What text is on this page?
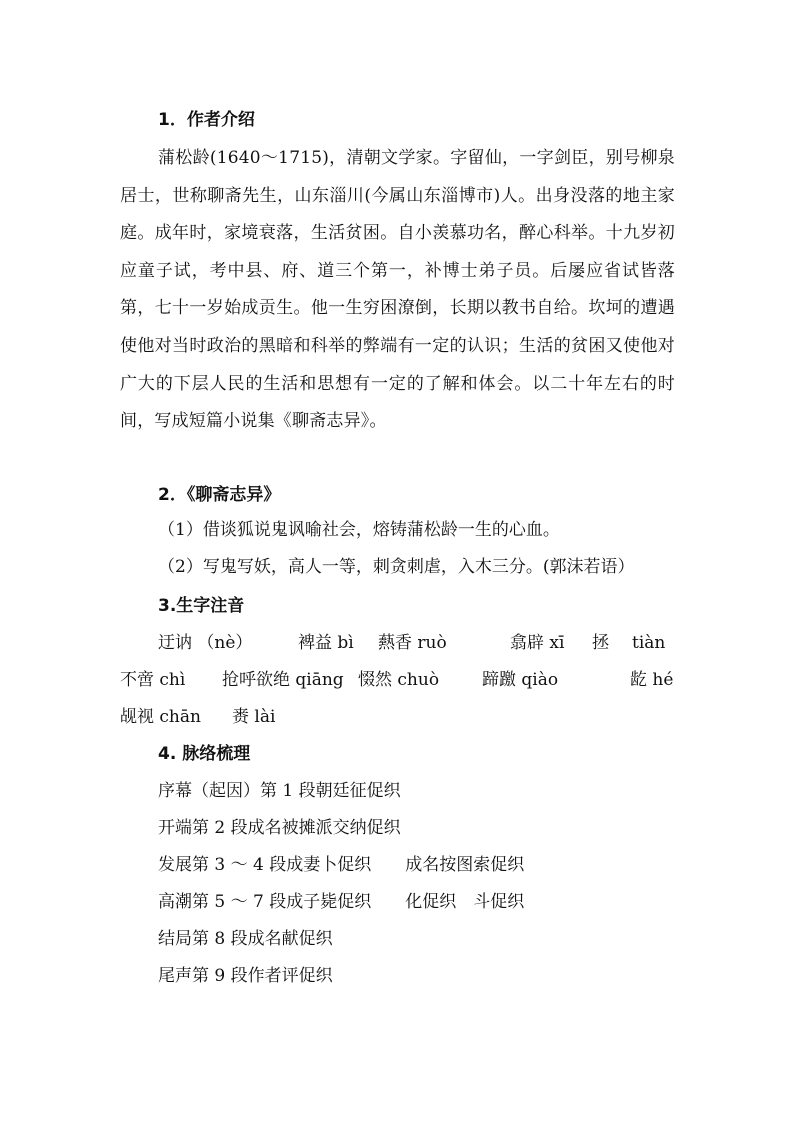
1．作者介绍
蒲松龄(1640～1715)，清朝文学家。字留仙，一字剑臣，别号柳泉居士，世称聊斋先生，山东淄川(今属山东淄博市)人。出身没落的地主家庭。成年时，家境衰落，生活贫困。自小羡慕功名，醉心科举。十九岁初应童子试，考中县、府、道三个第一，补博士弟子员。后屡应省试皆落第，七十一岁始成贡生。他一生穷困潦倒，长期以教书自给。坎坷的遭遇使他对当时政治的黑暗和科举的弊端有一定的认识；生活的贫困又使他对广大的下层人民的生活和思想有一定的了解和体会。以二十年左右的时间，写成短篇小说集《聊斋志异》。
2．《聊斋志异》
（1）借谈狐说鬼讽喻社会，熔铸蒲松龄一生的心血。
（2）写鬼写妖，高人一等，刺贪刺虐，入木三分。(郭沫若语）
3.生字注音
迂讷 （nè）	裨益 bì 爇香 ruò	翕辟 xī 拯 tiàn
不啻 chì 抢呼欲绝 qiāng 惙然 chuò	蹄躈 qiào	龁 hé
觇视 chān 赉 lài
4. 脉络梳理
序幕（起因）第 1 段朝廷征促织
开端第 2 段成名被摊派交纳促织
发展第 3 ～ 4 段成妻卜促织　　成名按图索促织
高潮第 5 ～ 7 段成子毙促织　　化促织　斗促织
结局第 8 段成名献促织
尾声第 9 段作者评促织
